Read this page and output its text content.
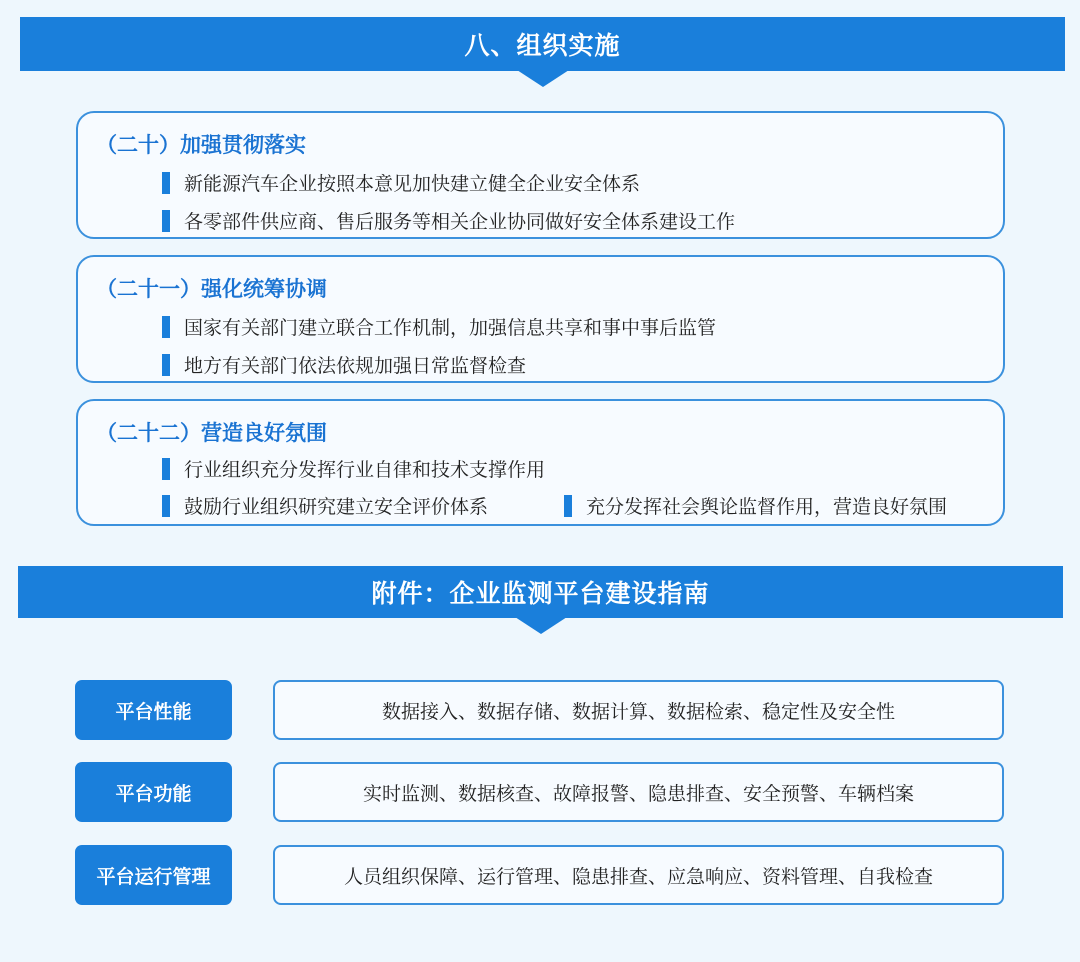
八、组织实施
（二十）加强贯彻落实
新能源汽车企业按照本意见加快建立健全企业安全体系
各零部件供应商、售后服务等相关企业协同做好安全体系建设工作
（二十一）强化统筹协调
国家有关部门建立联合工作机制，加强信息共享和事中事后监管
地方有关部门依法依规加强日常监督检查
（二十二）营造良好氛围
行业组织充分发挥行业自律和技术支撑作用
鼓励行业组织研究建立安全评价体系	充分发挥社会舆论监督作用，营造良好氛围
附件：企业监测平台建设指南
平台性能	数据接入、数据存储、数据计算、数据检索、稳定性及安全性
平台功能	实时监测、数据核查、故障报警、隐患排查、安全预警、车辆档案
平台运行管理	人员组织保障、运行管理、隐患排查、应急响应、资料管理、自我检查
